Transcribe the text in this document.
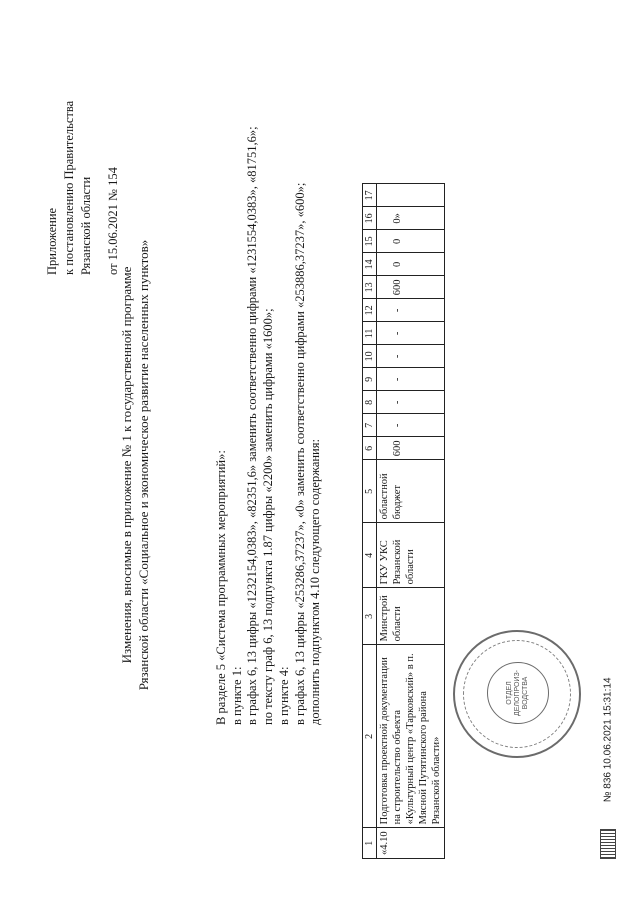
Приложение к постановлению Правительства Рязанской области от 15.06.2021 № 154
Изменения, вносимые в приложение № 1 к государственной программе Рязанской области «Социальное и экономическое развитие населенных пунктов»	В разделе 5 «Система программных мероприятий»: в пункте 1: в графах 6, 13 цифры «1232154,0383», «82351,6» заменить соответственно цифрами «1231554,0383», «81751,6»; по тексту граф 6, 13 подпункта 1.87 цифры «2200» заменить цифрами «1600»; в пункте 4: в графах 6, 13 цифры «253286,37237», «0» заменить соответственно цифрами «253886,37237», «600»; дополнить подпунктом 4.10 следующего содержания:

1	2	3	4	5	6	7	8	9	10	11	12	13	14	15	16	17
«4.10	Подготовка проектной документации на строительство объекта «Культурный центр «Тарковский» в п. Мясной Путятинского района Рязанской области»	Минстрой области	ГКУ УКС Рязанской области	областной бюджет	600	-	-	-	-	-	-	600	0	0	0»	
ОТДЕЛ ДЕЛОПРОИЗ-ВОДСТВА	№ 836 10.06.2021 15:31:14
